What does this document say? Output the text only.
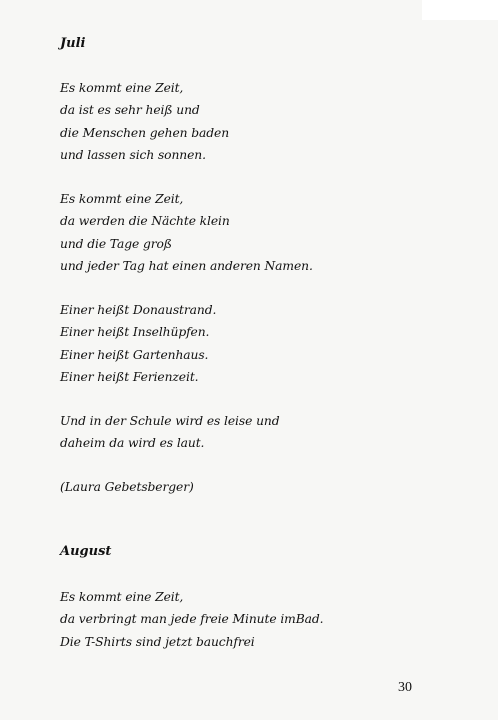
Juli
Es kommt eine Zeit,
da ist es sehr heiß und
die Menschen gehen baden
und lassen sich sonnen.
Es kommt eine Zeit,
da werden die Nächte klein
und die Tage groß
und jeder Tag hat einen anderen Namen.
Einer heißt Donaustrand.
Einer heißt Inselhüpfen.
Einer heißt Gartenhaus.
Einer heißt Ferienzeit.
Und in der Schule wird es leise und
daheim da wird es laut.
(Laura Gebetsberger)
August
Es kommt eine Zeit,
da verbringt man jede freie Minute imBad.
Die T-Shirts sind jetzt bauchfrei
30
